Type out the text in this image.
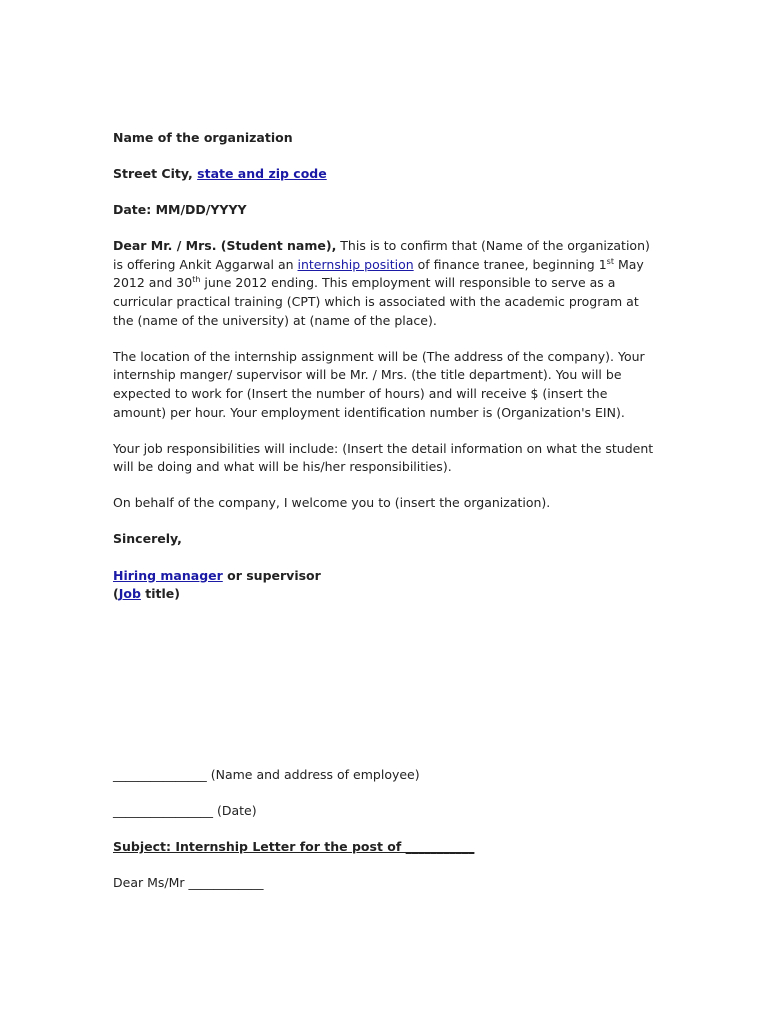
Name of the organization

Street City, state and zip code

Date: MM/DD/YYYY

Dear Mr. / Mrs. (Student name), This is to confirm that (Name of the organization) is offering Ankit Aggarwal an internship position of finance tranee, beginning 1st May 2012 and 30th june 2012 ending. This employment will responsible to serve as a curricular practical training (CPT) which is associated with the academic program at the (name of the university) at (name of the place).

The location of the internship assignment will be (The address of the company). Your internship manger/ supervisor will be Mr. / Mrs. (the title department). You will be expected to work for (Insert the number of hours) and will receive $ (insert the amount) per hour. Your employment identification number is (Organization's EIN).

Your job responsibilities will include: (Insert the detail information on what the student will be doing and what will be his/her responsibilities).

On behalf of the company, I welcome you to (insert the organization).

Sincerely,

Hiring manager or supervisor

(Job title)

_______________ (Name and address of employee)

________________ (Date)

Subject: Internship Letter for the post of ___________

Dear Ms/Mr ____________
